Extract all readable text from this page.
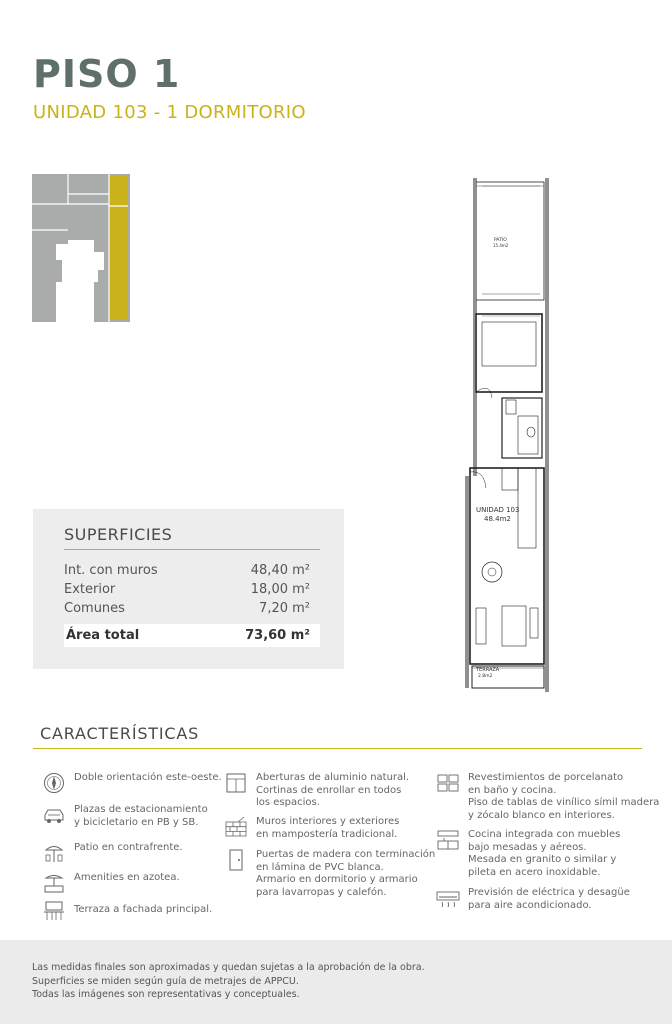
PISO 1
UNIDAD 103 - 1 DORMITORIO
PATIO
15.4m2
UNIDAD 103
48.4m2
TERRAZA
2.8m2
SUPERFICIES
Int. con muros	48,40 m²
Exterior	18,00 m²
Comunes	7,20 m²
Área total	73,60 m²
CARACTERÍSTICAS
Doble orientación este-oeste.
Plazas de estacionamiento
y bicicletario en PB y SB.
Patio en contrafrente.
Amenities en azotea.
Terraza a fachada principal.
Aberturas de aluminio natural.
Cortinas de enrollar en todos
los espacios.
Muros interiores y exteriores
en mampostería tradicional.
Puertas de madera con terminación
en lámina de PVC blanca.
Armario en dormitorio y armario
para lavarropas y calefón.
Revestimientos de porcelanato
en baño y cocina.
Piso de tablas de vinílico símil madera
y zócalo blanco en interiores.
Cocina integrada con muebles
bajo mesadas y aéreos.
Mesada en granito o similar y
pileta en acero inoxidable.
Previsión de eléctrica y desagüe
para aire acondicionado.
Las medidas finales son aproximadas y quedan sujetas a la aprobación de la obra.
Superficies se miden según guía de metrajes de APPCU.
Todas las imágenes son representativas y conceptuales.
